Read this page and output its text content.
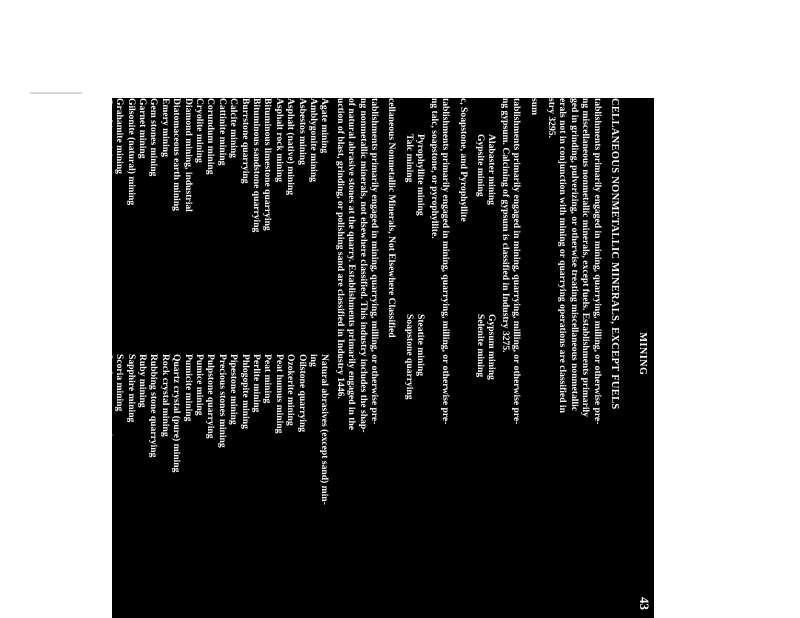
MINING
43
CELLANEOUS NONMETALLIC MINERALS, EXCEPT FUELS
tablishments primarily engaged in mining, quarrying, milling, or otherwise pre-
ng miscellaneous nonmetallic minerals, except fuels. Establishments primarily
ged in grinding, pulverizing, or otherwise treating miscellaneous nonmetallic
erals not in conjunction with mining or quarrying operations are classified in
stry 3295.
sum
tablishments primarily engaged in mining, quarrying, milling, or otherwise pre-
ng gypsum. Calcining of gypsum is classified in Industry 3275.
Alabaster mining
Gypsite mining
Gypsum mining
Selenite mining
c, Soapstone, and Pyrophyllite
tablishments primarily engaged in mining, quarrying, milling, or otherwise pre-
ng talc, soapstone, or pyrophyllite.
Pyrophyllite mining
Talc mining
Steatite mining
Soapstone quarrying
cellaneous Nonmetallic Minerals, Not Elsewhere Classified
tablishments primarily engaged in mining, quarrying, milling, or otherwise pre-
ng nonmetallic minerals, not elsewhere classified. This industry includes the shap-
of natural abrasive stones at the quarry. Establishments primarily engaged in the
uction of blast, grinding, or polishing sand are classified in Industry 1446.
Agate mining
Amblygonite mining
Asbestos mining
Asphalt (native) mining
Asphalt rock mining
Bituminous limestone quarrying
Bituminous sandstone quarrying
Burrstone quarrying
Calcite mining
Cattinite mining
Corundum mining
Cryolite mining
Diamond mining, industrial
Diatomaceous earth mining
Emery mining
Gem stones mining
Garnet mining
Gilsonite (natural) mining
Grahamite mining
Graphite mining
Greensand mining
Grinding peat
Grindstone quarrying
Iceland spar (optical grade calcite)
Jade mining
Jet mining
Marl mining, mining or quarrying
Mica mining
Millstone quarrying
Natural abrasives (except sand) min-
ing
Oilstone quarrying
Ozokerite mining
Peat humus mining
Peat mining
Perlite mining
Phlogopite mining
Pipestone mining
Precious stones mining
Pulpstone quarrying
Pumice mining
Pumicite mining
Quartz crystal (pure) mining
Rock crystal mining
Rubbing stone quarrying
Ruby mining
Sapphire mining
Scoria mining
Scythestone quarrying
Sodium sulfate mining
Soapstone blocks mining
Sharpening stone quarrying
Shredding peat
Tripoli mining
Turquoise mining
Vermiculite mining
Whetstone quarrying
Wollastonite mining
